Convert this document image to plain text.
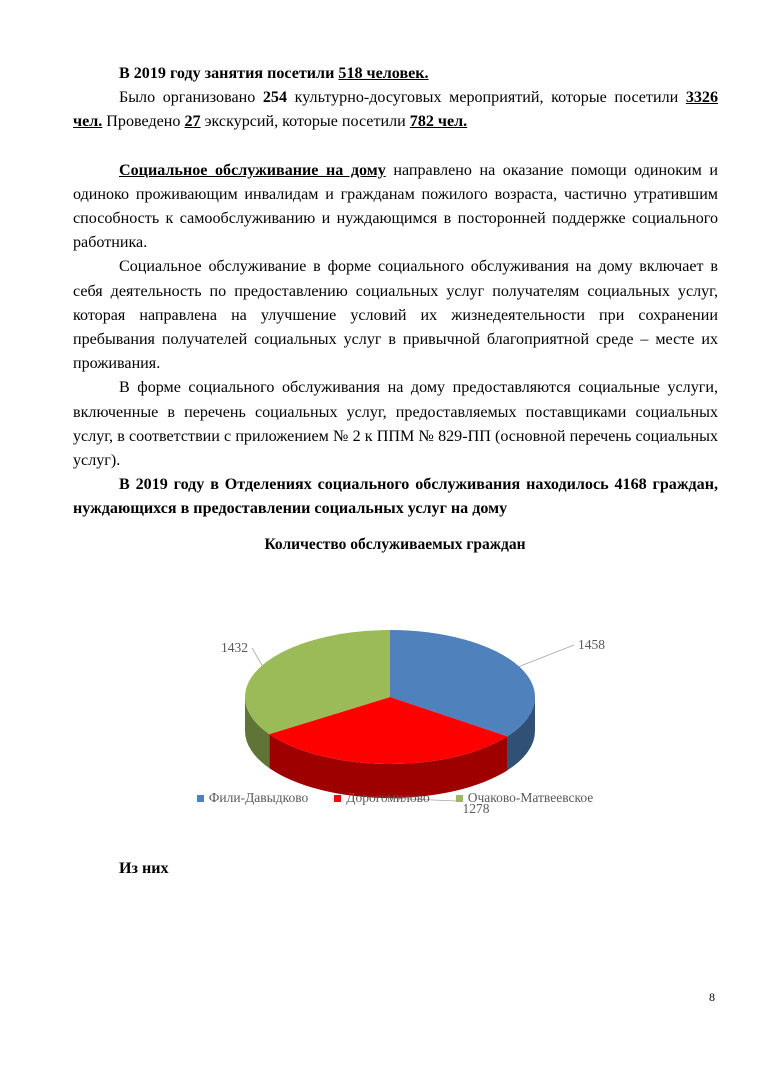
В 2019 году занятия посетили 518 человек.

Было организовано 254 культурно-досуговых мероприятий, которые посетили 3326 чел. Проведено 27 экскурсий, которые посетили 782 чел.

Социальное обслуживание на дому направлено на оказание помощи одиноким и одиноко проживающим инвалидам и гражданам пожилого возраста, частично утратившим способность к самообслуживанию и нуждающимся в посторонней поддержке социального работника.

Социальное обслуживание в форме социального обслуживания на дому включает в себя деятельность по предоставлению социальных услуг получателям социальных услуг, которая направлена на улучшение условий их жизнедеятельности при сохранении пребывания получателей социальных услуг в привычной благоприятной среде – месте их проживания.

В форме социального обслуживания на дому предоставляются социальные услуги, включенные в перечень социальных услуг, предоставляемых поставщиками социальных услуг, в соответствии с приложением № 2 к ППМ № 829-ПП (основной перечень социальных услуг).

В 2019 году в Отделениях социального обслуживания находилось 4168 граждан, нуждающихся в предоставлении социальных услуг на дому

Количество обслуживаемых граждан
1458
1278
1432
Фили-Давыдково	Дорогомилово	Очаково-Матвеевское
Из них
8
